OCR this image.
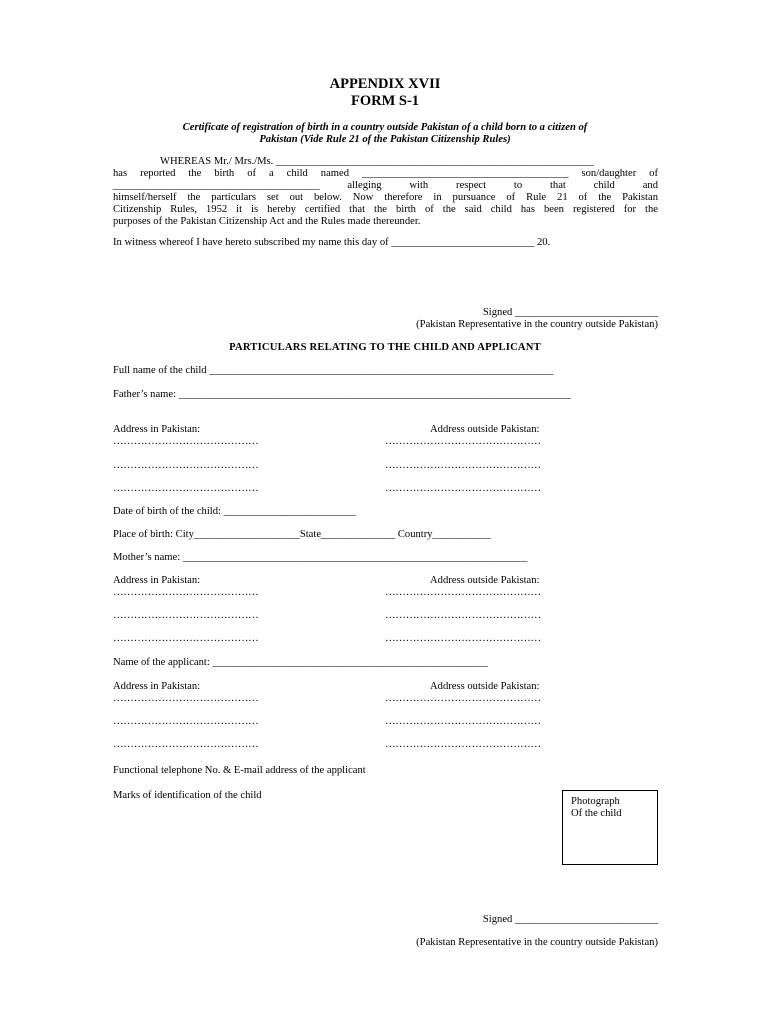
APPENDIX XVII
FORM S-1
Certificate of registration of birth in a country outside Pakistan of a child born to a citizen of
Pakistan (Vide Rule 21 of the Pakistan Citizenship Rules)
WHEREAS Mr./ Mrs./Ms. ____________________________________________________________
has reported the birth of a child named _______________________________________ son/daughter of
_______________________________________ alleging with respect to that child and
himself/herself the particulars set out below. Now therefore in pursuance of Rule 21 of the Pakistan
Citizenship Rules, 1952 it is hereby certified that the birth of the said child has been registered for the
purposes of the Pakistan Citizenship Act and the Rules made thereunder.
In witness whereof I have hereto subscribed my name this day of ___________________________ 20.
Signed ___________________________
(Pakistan Representative in the country outside Pakistan)
PARTICULARS RELATING TO THE CHILD AND APPLICANT
Full name of the child _________________________________________________________________
Father’s name: __________________________________________________________________________
Address in Pakistan:	Address outside Pakistan:
……………………………………	………………………………………
……………………………………	………………………………………
……………………………………	………………………………………
Date of birth of the child: _________________________
Place of birth: City____________________State______________ Country___________
Mother’s name: _________________________________________________________________
Address in Pakistan:	Address outside Pakistan:
……………………………………	………………………………………
……………………………………	………………………………………
……………………………………	………………………………………
Name of the applicant: ____________________________________________________
Address in Pakistan:	Address outside Pakistan:
……………………………………	………………………………………
……………………………………	………………………………………
……………………………………	………………………………………
Functional telephone No. & E-mail address of the applicant
Marks of identification of the child
Photograph
Of the child
Signed ___________________________
(Pakistan Representative in the country outside Pakistan)
